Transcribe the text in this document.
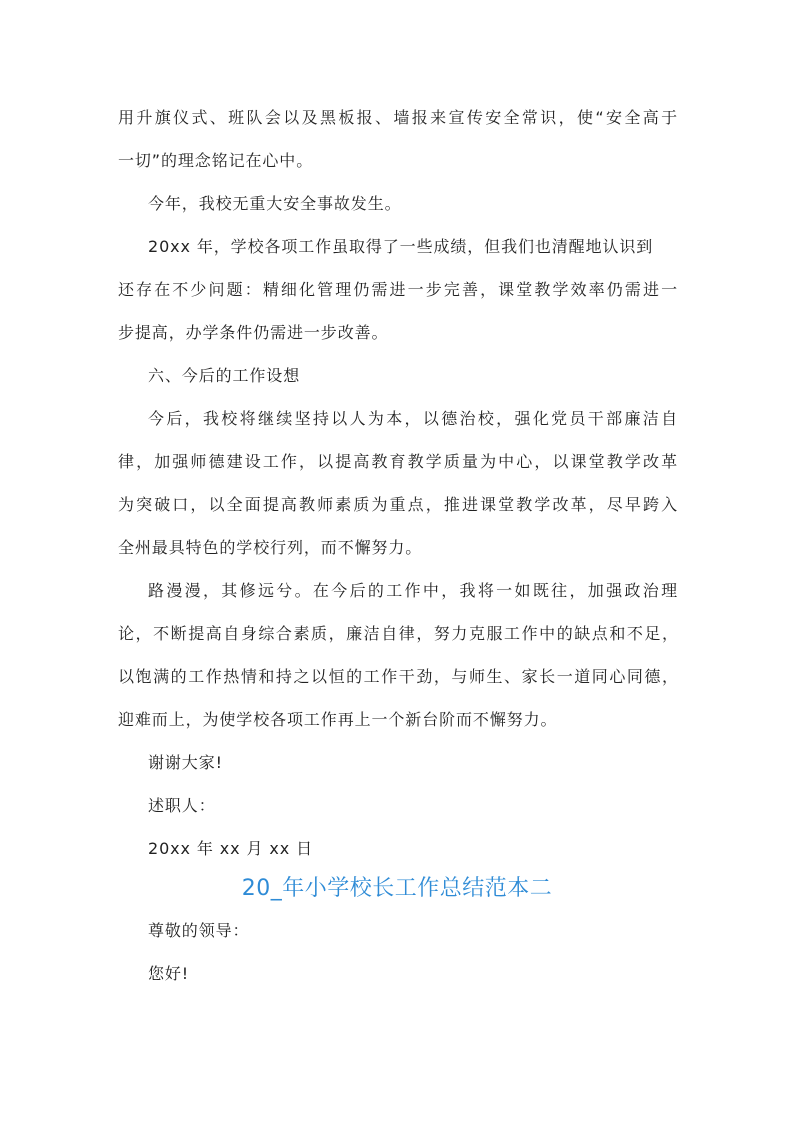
用升旗仪式、班队会以及黑板报、墙报来宣传安全常识，使“安全高于
一切”的理念铭记在心中。
今年，我校无重大安全事故发生。
20xx 年，学校各项工作虽取得了一些成绩，但我们也清醒地认识到
还存在不少问题：精细化管理仍需进一步完善，课堂教学效率仍需进一
步提高，办学条件仍需进一步改善。
六、今后的工作设想
今后，我校将继续坚持以人为本，以德治校，强化党员干部廉洁自
律，加强师德建设工作，以提高教育教学质量为中心，以课堂教学改革
为突破口，以全面提高教师素质为重点，推进课堂教学改革，尽早跨入
全州最具特色的学校行列，而不懈努力。
路漫漫，其修远兮。在今后的工作中，我将一如既往，加强政治理
论，不断提高自身综合素质，廉洁自律，努力克服工作中的缺点和不足，
以饱满的工作热情和持之以恒的工作干劲，与师生、家长一道同心同德，
迎难而上，为使学校各项工作再上一个新台阶而不懈努力。
谢谢大家!
述职人：
20xx 年 xx 月 xx 日
20_年小学校长工作总结范本二
尊敬的领导：
您好!
